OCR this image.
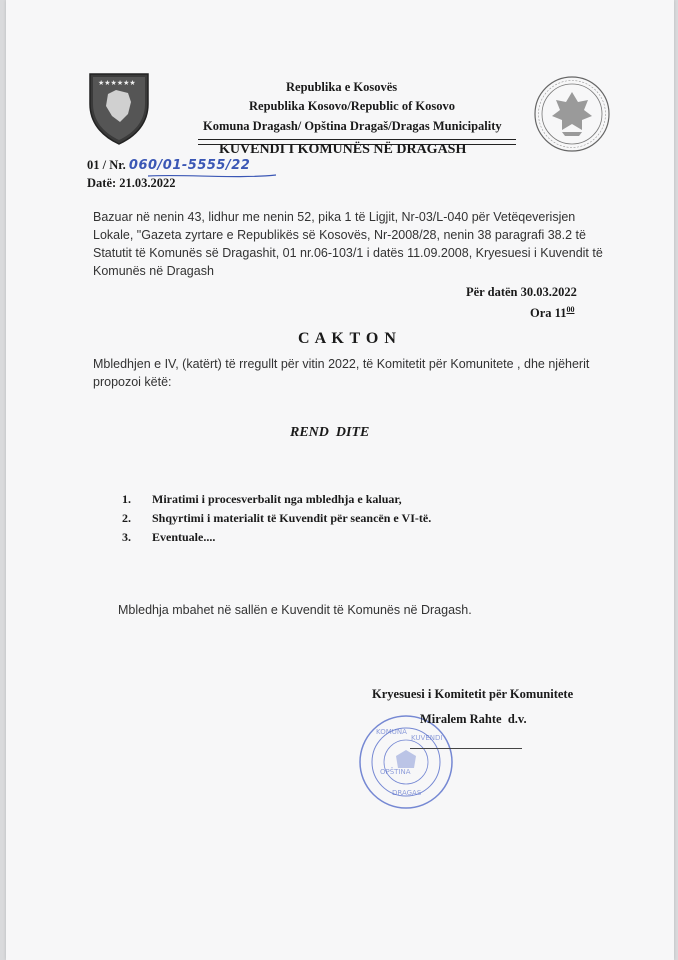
★★★★★★	Republika e Kosovës
Republika Kosovo/Republic of Kosovo
Komuna Dragash/ Opština Dragaš/Dragas Municipality
KUVENDI I KOMUNËS NË DRAGASH
01 / Nr. 060/01-5555/22
Datë: 21.03.2022
Bazuar në nenin 43, lidhur me nenin 52, pika 1 të Ligjit, Nr-03/L-040 për Vetëqeverisjen
Lokale, "Gazeta zyrtare e Republikës së Kosovës, Nr-2008/28, nenin 38 paragrafi 38.2 të
Statutit të Komunës së Dragashit, 01 nr.06-103/1 i datës 11.09.2008, Kryesuesi i Kuvendit të
Komunës në Dragash
Për datën 30.03.2022
Ora $11^{00}$
C A K T O N
Mbledhjen e IV, (katërt) të rregullt për vitin 2022, të Komitetit për Komunitete , dhe njëherit
propozoi këtë:
REND  DITE
1. Miratimi i procesverbalit nga mbledhja e kaluar,
2. Shqyrtimi i materialit të Kuvendit për seancën e VI-të.
3. Eventuale....
Mbledhja mbahet në sallën e Kuvendit të Komunës në Dragash.
Kryesuesi i Komitetit për Komunitete
KOMUNA
KUVENDI
DRAGAS
OPŠTINA
Miralem Rahte  d.v.
